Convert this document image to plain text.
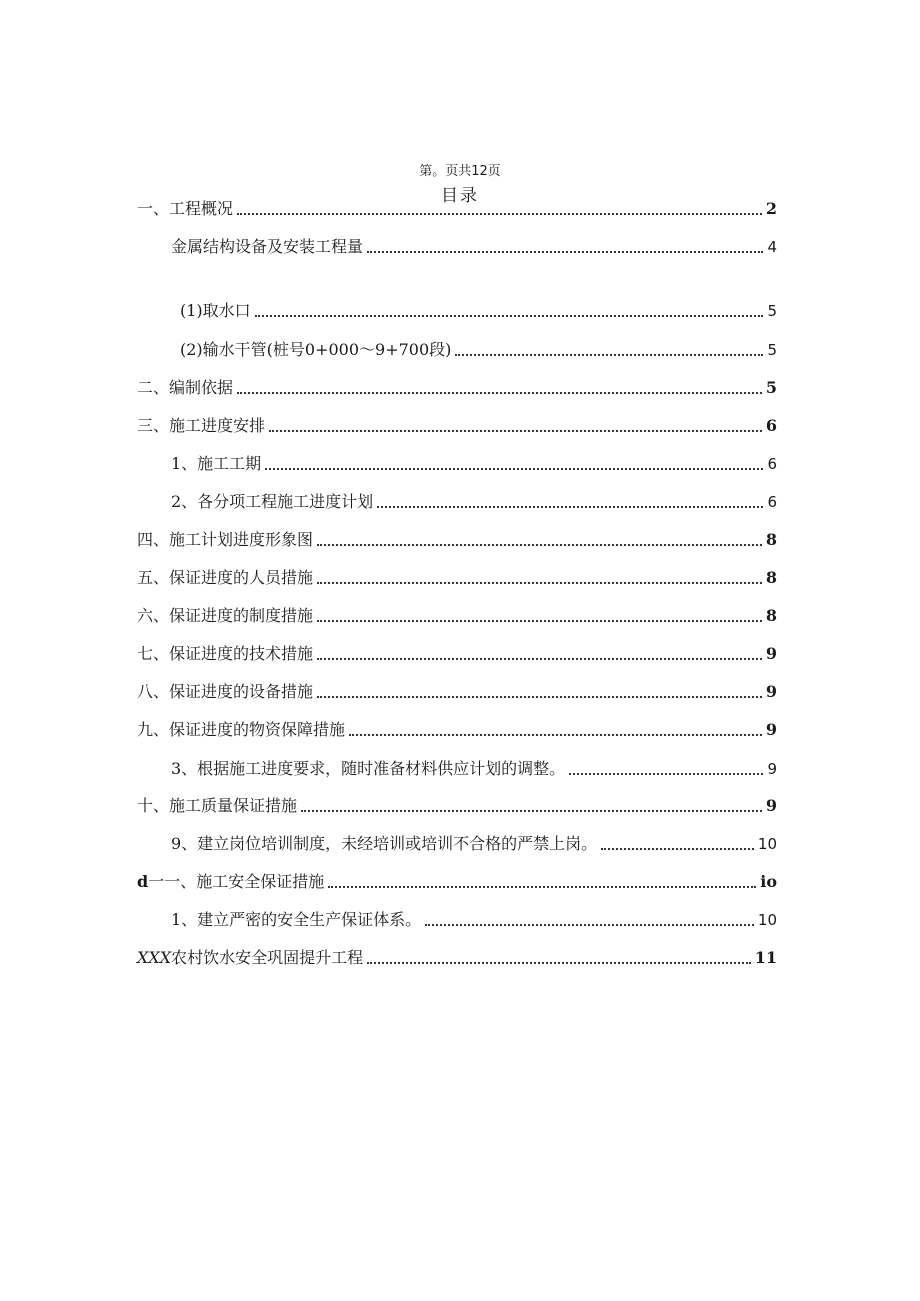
第。页共12页
目录
一、工程概况	2
金属结构设备及安装工程量	4
(1)取水口	5
(2)输水干管(桩号0+000～9+700段)	5
二、编制依据	5
三、施工进度安排	6
1、施工工期	6
2、各分项工程施工进度计划	6
四、施工计划进度形象图	8
五、保证进度的人员措施	8
六、保证进度的制度措施	8
七、保证进度的技术措施	9
八、保证进度的设备措施	9
九、保证进度的物资保障措施	9
3、根据施工进度要求，随时准备材料供应计划的调整。	9
十、施工质量保证措施	9
9、建立岗位培训制度，未经培训或培训不合格的严禁上岗。	10
d一一、施工安全保证措施	io
1、建立严密的安全生产保证体系。	10
XXX农村饮水安全巩固提升工程	11
